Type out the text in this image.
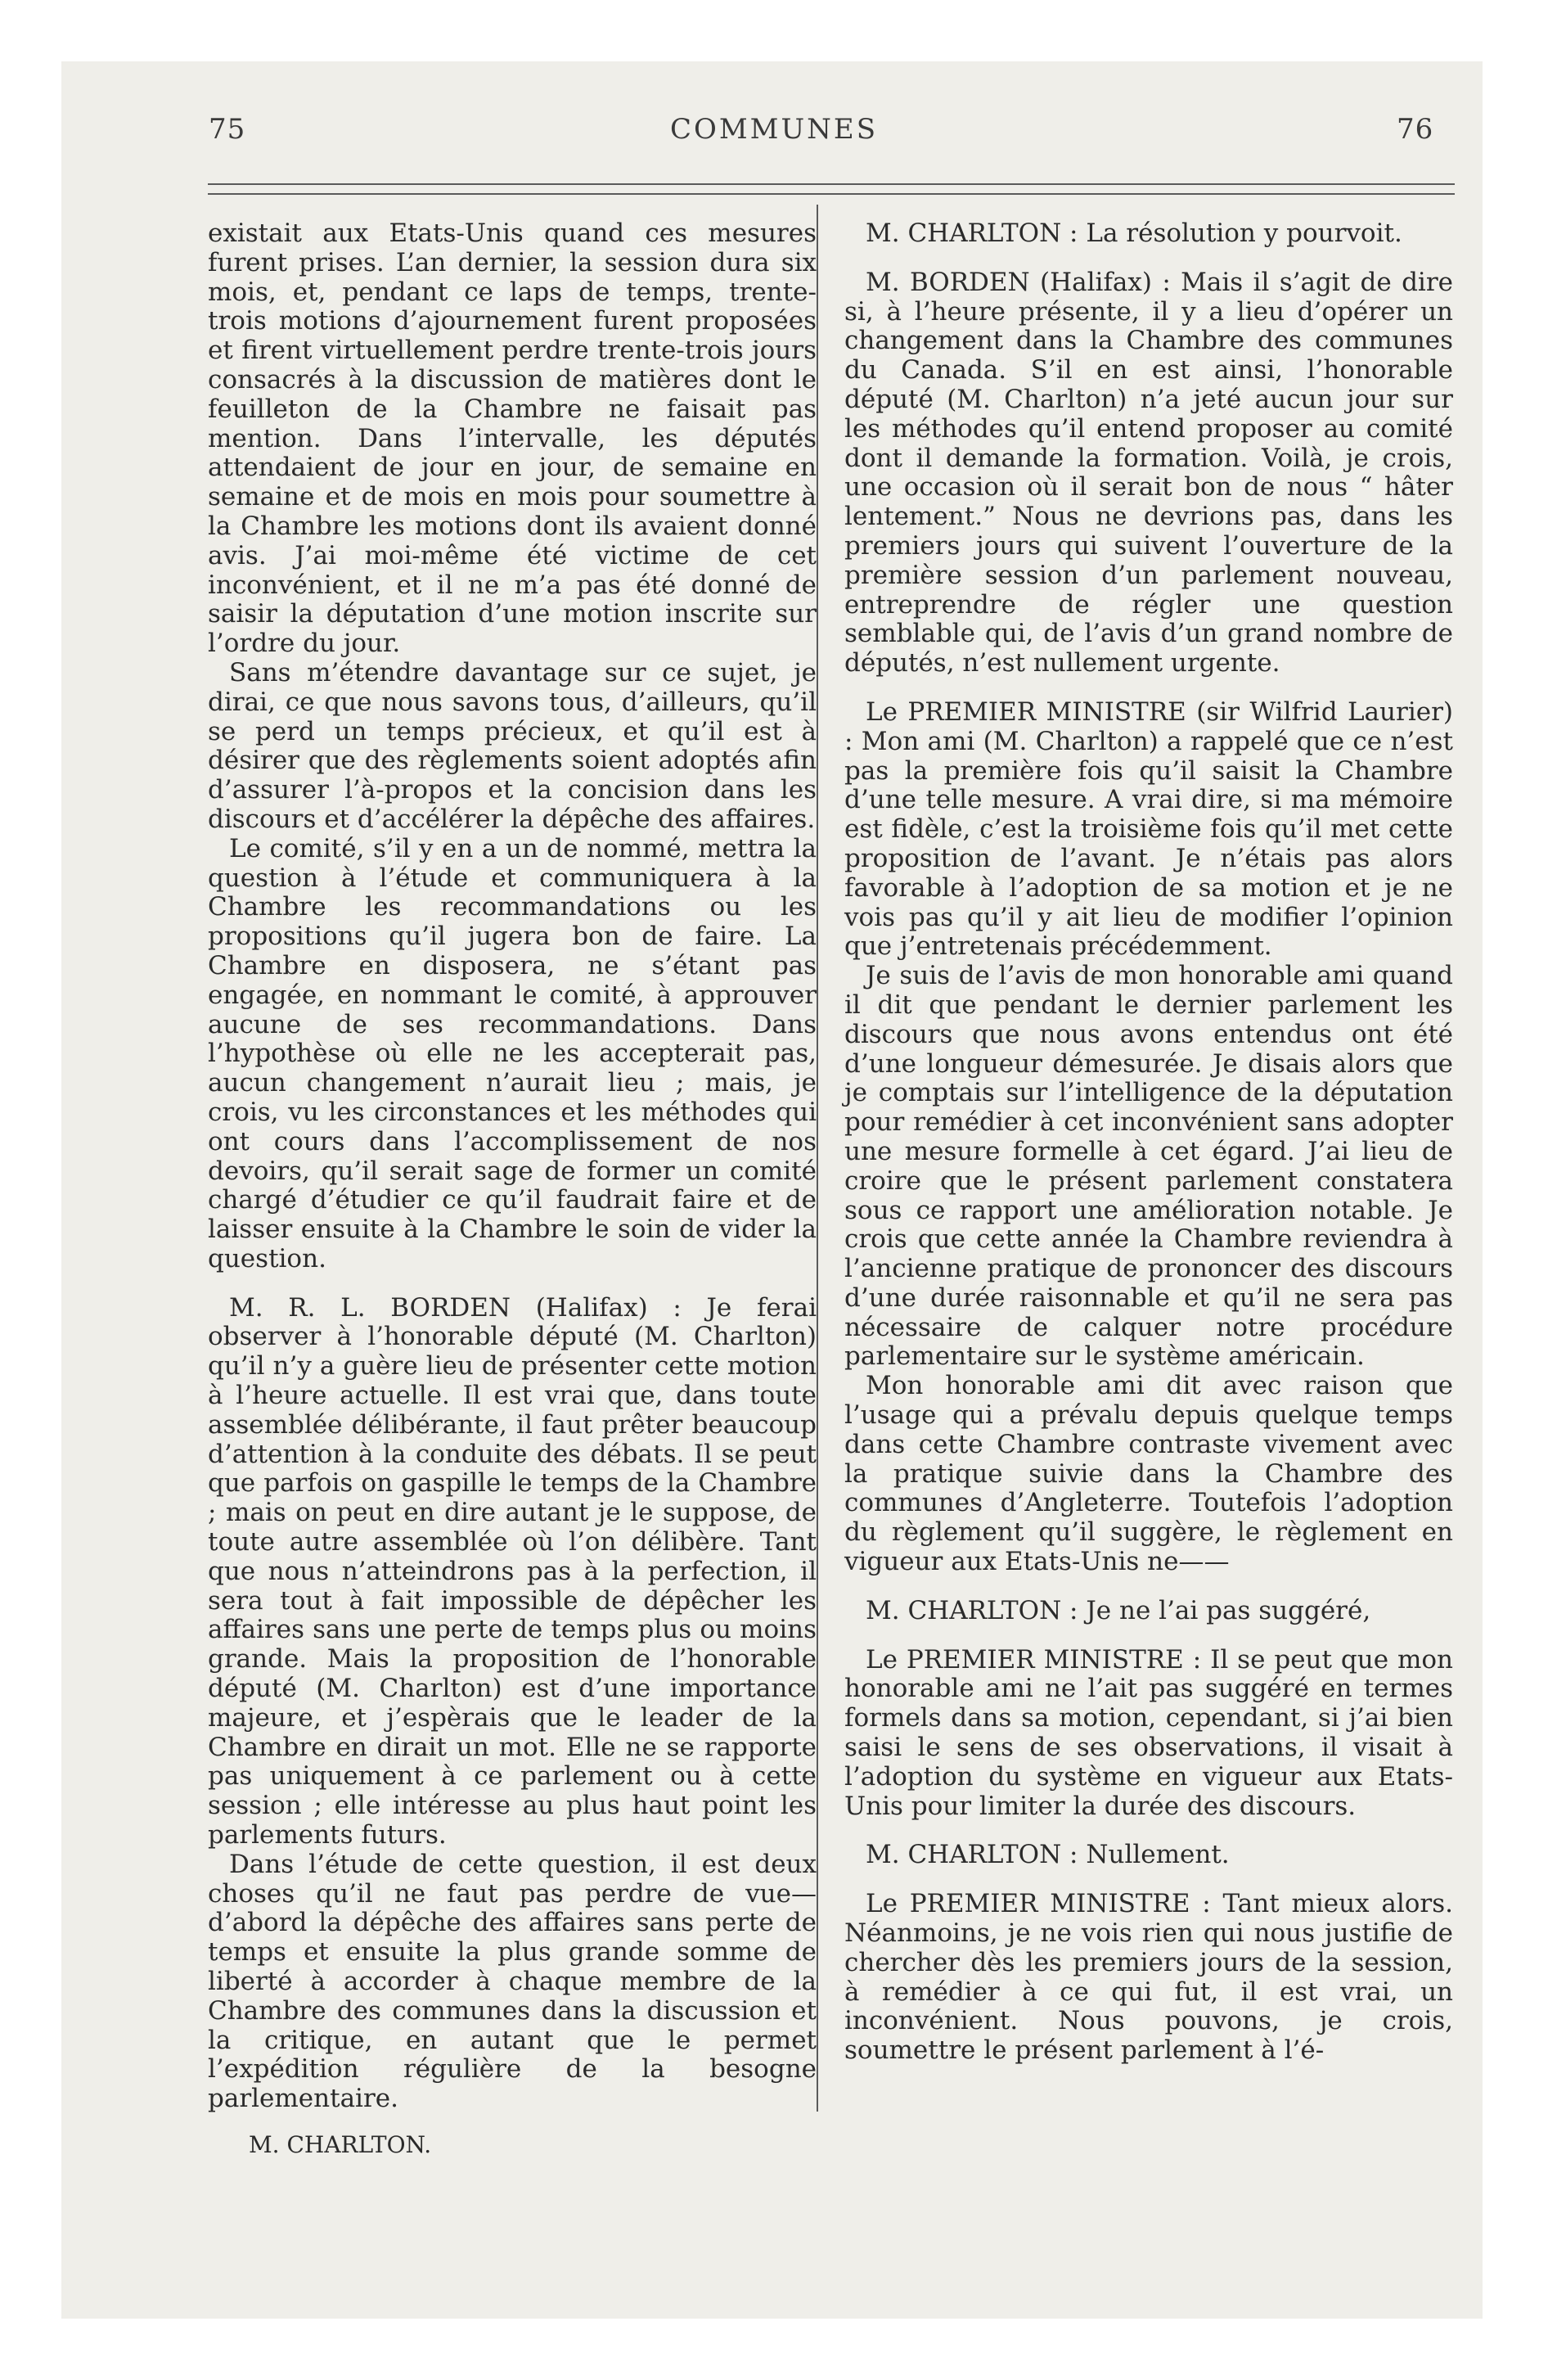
75	COMMUNES	76

existait aux Etats-Unis quand ces mesures furent prises. L’an dernier, la session dura six mois, et, pendant ce laps de temps, trente-trois motions d’ajournement furent proposées et firent virtuellement perdre trente-trois jours consacrés à la discussion de matières dont le feuilleton de la Chambre ne faisait pas mention. Dans l’intervalle, les députés attendaient de jour en jour, de semaine en semaine et de mois en mois pour soumettre à la Chambre les motions dont ils avaient donné avis. J’ai moi-même été victime de cet inconvénient, et il ne m’a pas été donné de saisir la députation d’une motion inscrite sur l’ordre du jour.

Sans m’étendre davantage sur ce sujet, je dirai, ce que nous savons tous, d’ailleurs, qu’il se perd un temps précieux, et qu’il est à désirer que des règlements soient adoptés afin d’assurer l’à-propos et la concision dans les discours et d’accélérer la dépêche des affaires.

Le comité, s’il y en a un de nommé, mettra la question à l’étude et communiquera à la Chambre les recommandations ou les propositions qu’il jugera bon de faire. La Chambre en disposera, ne s’étant pas engagée, en nommant le comité, à approuver aucune de ses recommandations. Dans l’hypothèse où elle ne les accepterait pas, aucun changement n’aurait lieu ; mais, je crois, vu les circonstances et les méthodes qui ont cours dans l’accomplissement de nos devoirs, qu’il serait sage de former un comité chargé d’étudier ce qu’il faudrait faire et de laisser ensuite à la Chambre le soin de vider la question.

M. R. L. BORDEN (Halifax) : Je ferai observer à l’honorable député (M. Charlton) qu’il n’y a guère lieu de présenter cette motion à l’heure actuelle. Il est vrai que, dans toute assemblée délibérante, il faut prêter beaucoup d’attention à la conduite des débats. Il se peut que parfois on gaspille le temps de la Chambre ; mais on peut en dire autant je le suppose, de toute autre assemblée où l’on délibère. Tant que nous n’atteindrons pas à la perfection, il sera tout à fait impossible de dépêcher les affaires sans une perte de temps plus ou moins grande. Mais la proposition de l’honorable député (M. Charlton) est d’une importance majeure, et j’espèrais que le leader de la Chambre en dirait un mot. Elle ne se rapporte pas uniquement à ce parlement ou à cette session ; elle intéresse au plus haut point les parlements futurs.

Dans l’étude de cette question, il est deux choses qu’il ne faut pas perdre de vue—d’abord la dépêche des affaires sans perte de temps et ensuite la plus grande somme de liberté à accorder à chaque membre de la Chambre des communes dans la discussion et la critique, en autant que le permet l’expédition régulière de la besogne parlementaire.

M. CHARLTON.

M. CHARLTON : La résolution y pourvoit.

M. BORDEN (Halifax) : Mais il s’agit de dire si, à l’heure présente, il y a lieu d’opérer un changement dans la Chambre des communes du Canada. S’il en est ainsi, l’honorable député (M. Charlton) n’a jeté aucun jour sur les méthodes qu’il entend proposer au comité dont il demande la formation. Voilà, je crois, une occasion où il serait bon de nous “ hâter lentement.” Nous ne devrions pas, dans les premiers jours qui suivent l’ouverture de la première session d’un parlement nouveau, entreprendre de régler une question semblable qui, de l’avis d’un grand nombre de députés, n’est nullement urgente.

Le PREMIER MINISTRE (sir Wilfrid Laurier) : Mon ami (M. Charlton) a rappelé que ce n’est pas la première fois qu’il saisit la Chambre d’une telle mesure. A vrai dire, si ma mémoire est fidèle, c’est la troisième fois qu’il met cette proposition de l’avant. Je n’étais pas alors favorable à l’adoption de sa motion et je ne vois pas qu’il y ait lieu de modifier l’opinion que j’entretenais précédemment.

Je suis de l’avis de mon honorable ami quand il dit que pendant le dernier parlement les discours que nous avons entendus ont été d’une longueur démesurée. Je disais alors que je comptais sur l’intelligence de la députation pour remédier à cet inconvénient sans adopter une mesure formelle à cet égard. J’ai lieu de croire que le présent parlement constatera sous ce rapport une amélioration notable. Je crois que cette année la Chambre reviendra à l’ancienne pratique de prononcer des discours d’une durée raisonnable et qu’il ne sera pas nécessaire de calquer notre procédure parlementaire sur le système américain.

Mon honorable ami dit avec raison que l’usage qui a prévalu depuis quelque temps dans cette Chambre contraste vivement avec la pratique suivie dans la Chambre des communes d’Angleterre. Toutefois l’adoption du règlement qu’il suggère, le règlement en vigueur aux Etats-Unis ne——

M. CHARLTON : Je ne l’ai pas suggéré,

Le PREMIER MINISTRE : Il se peut que mon honorable ami ne l’ait pas suggéré en termes formels dans sa motion, cependant, si j’ai bien saisi le sens de ses observations, il visait à l’adoption du système en vigueur aux Etats-Unis pour limiter la durée des discours.

M. CHARLTON : Nullement.

Le PREMIER MINISTRE : Tant mieux alors. Néanmoins, je ne vois rien qui nous justifie de chercher dès les premiers jours de la session, à remédier à ce qui fut, il est vrai, un inconvénient. Nous pouvons, je crois, soumettre le présent parlement à l’é-
